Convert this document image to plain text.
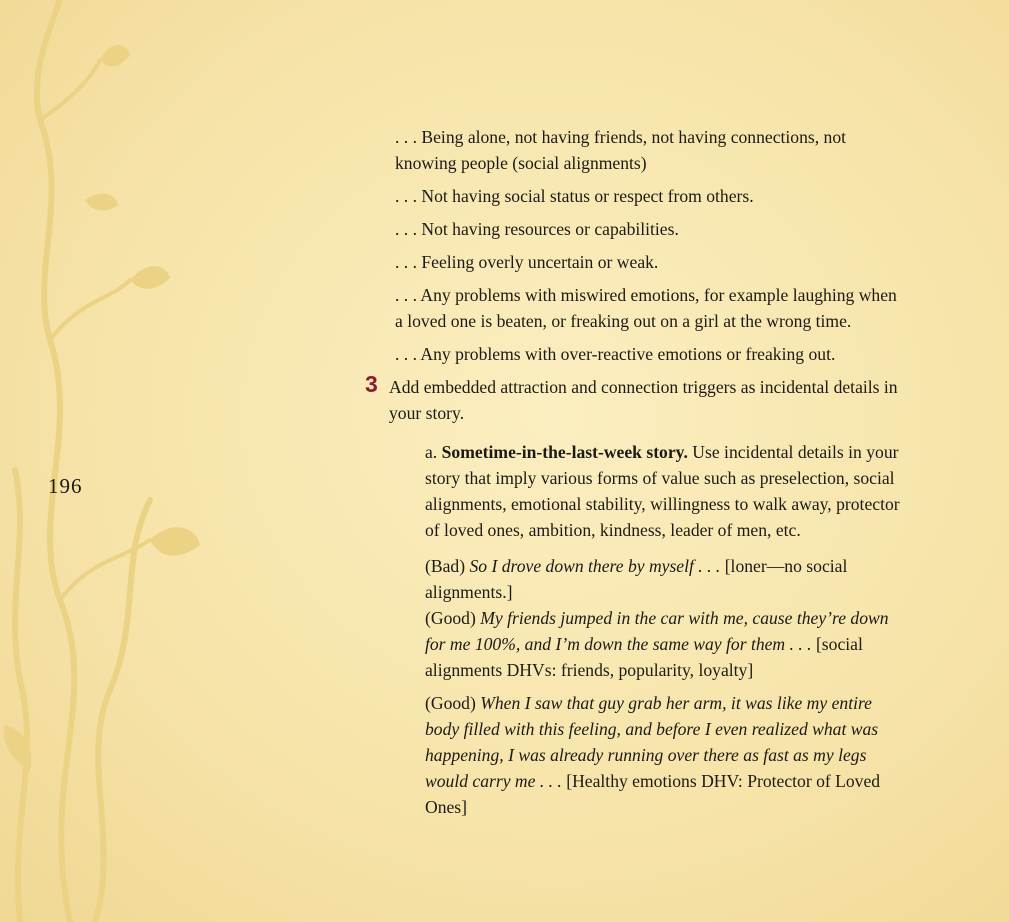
196

. . . Being alone, not having friends, not having connections, not knowing people (social alignments)

. . . Not having social status or respect from others.

. . . Not having resources or capabilities.

. . . Feeling overly uncertain or weak.

. . . Any problems with miswired emotions, for example laughing when a loved one is beaten, or freaking out on a girl at the wrong time.

. . . Any problems with over-reactive emotions or freaking out.

3 Add embedded attraction and connection triggers as incidental details in your story.

a. Sometime-in-the-last-week story. Use incidental details in your story that imply various forms of value such as preselection, social alignments, emotional stability, willingness to walk away, protector of loved ones, ambition, kindness, leader of men, etc.

(Bad) So I drove down there by myself . . . [loner—no social alignments.]

(Good) My friends jumped in the car with me, cause they’re down for me 100%, and I’m down the same way for them . . . [social alignments DHVs: friends, popularity, loyalty]

(Good) When I saw that guy grab her arm, it was like my entire body filled with this feeling, and before I even realized what was happening, I was already running over there as fast as my legs would carry me . . . [Healthy emotions DHV: Protector of Loved Ones]
